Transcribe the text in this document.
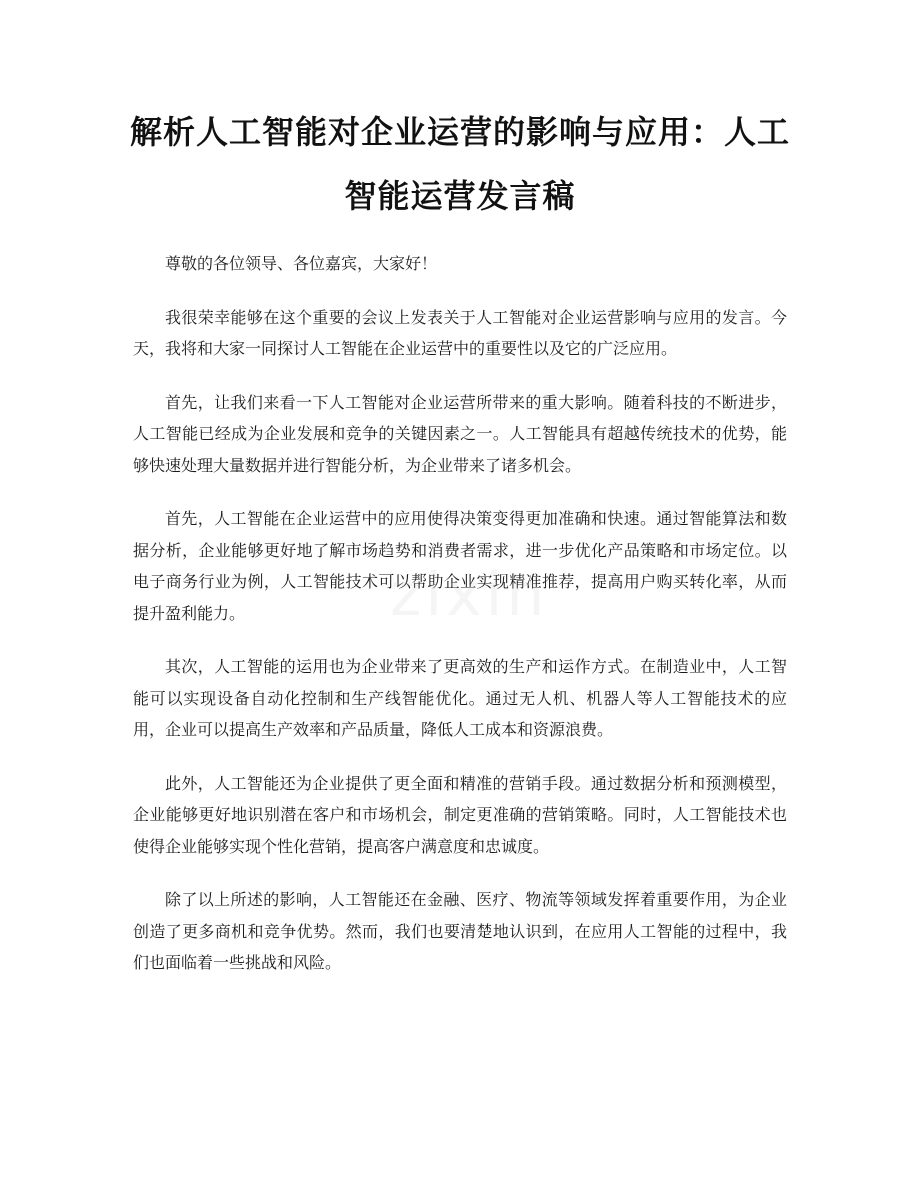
解析人工智能对企业运营的影响与应用：人工智能运营发言稿

尊敬的各位领导、各位嘉宾，大家好！

我很荣幸能够在这个重要的会议上发表关于人工智能对企业运营影响与应用的发言。今天，我将和大家一同探讨人工智能在企业运营中的重要性以及它的广泛应用。

首先，让我们来看一下人工智能对企业运营所带来的重大影响。随着科技的不断进步，人工智能已经成为企业发展和竞争的关键因素之一。人工智能具有超越传统技术的优势，能够快速处理大量数据并进行智能分析，为企业带来了诸多机会。

首先，人工智能在企业运营中的应用使得决策变得更加准确和快速。通过智能算法和数据分析，企业能够更好地了解市场趋势和消费者需求，进一步优化产品策略和市场定位。以电子商务行业为例，人工智能技术可以帮助企业实现精准推荐，提高用户购买转化率，从而提升盈利能力。

其次，人工智能的运用也为企业带来了更高效的生产和运作方式。在制造业中，人工智能可以实现设备自动化控制和生产线智能优化。通过无人机、机器人等人工智能技术的应用，企业可以提高生产效率和产品质量，降低人工成本和资源浪费。

此外，人工智能还为企业提供了更全面和精准的营销手段。通过数据分析和预测模型，企业能够更好地识别潜在客户和市场机会，制定更准确的营销策略。同时，人工智能技术也使得企业能够实现个性化营销，提高客户满意度和忠诚度。

除了以上所述的影响，人工智能还在金融、医疗、物流等领域发挥着重要作用，为企业创造了更多商机和竞争优势。然而，我们也要清楚地认识到，在应用人工智能的过程中，我们也面临着一些挑战和风险。

zixin
